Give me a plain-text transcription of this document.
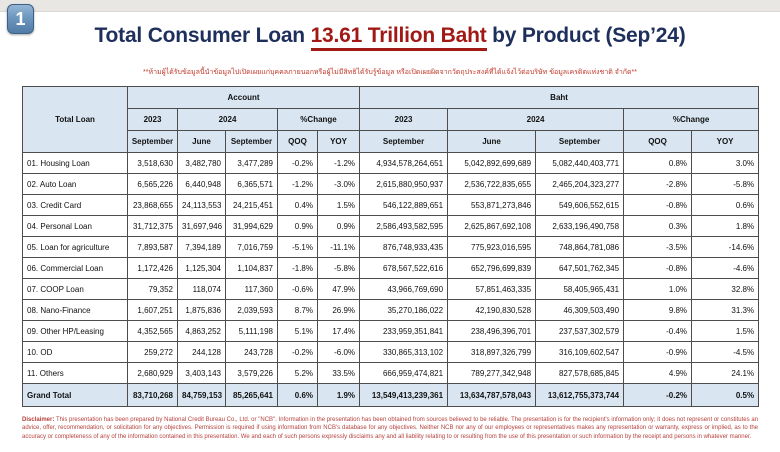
1
Total Consumer Loan 13.61 Trillion Baht by Product (Sep’24)
**ห้ามผู้ได้รับข้อมูลนี้นำข้อมูลไปเปิดเผยแก่บุคคลภายนอกหรือผู้ไม่มีสิทธิได้รับรู้ข้อมูล หรือเปิดเผยผิดจากวัตถุประสงค์ที่ได้แจ้งไว้ต่อบริษัท ข้อมูลเครดิตแห่งชาติ จำกัด**
Total Loan	Account					Baht				
	2023	2024		%Change		2023	2024		%Change	
	September	June	September	QOQ	YOY	September	June	September	QOQ	YOY
01. Housing Loan	3,518,630	3,482,780	3,477,289	-0.2%	-1.2%	4,934,578,264,651	5,042,892,699,689	5,082,440,403,771	0.8%	3.0%
02. Auto Loan	6,565,226	6,440,948	6,365,571	-1.2%	-3.0%	2,615,880,950,937	2,536,722,835,655	2,465,204,323,277	-2.8%	-5.8%
03. Credit Card	23,868,655	24,113,553	24,215,451	0.4%	1.5%	546,122,889,651	553,871,273,846	549,606,552,615	-0.8%	0.6%
04. Personal Loan	31,712,375	31,697,946	31,994,629	0.9%	0.9%	2,586,493,582,595	2,625,867,692,108	2,633,196,490,758	0.3%	1.8%
05. Loan for agriculture	7,893,587	7,394,189	7,016,759	-5.1%	-11.1%	876,748,933,435	775,923,016,595	748,864,781,086	-3.5%	-14.6%
06. Commercial Loan	1,172,426	1,125,304	1,104,837	-1.8%	-5.8%	678,567,522,616	652,796,699,839	647,501,762,345	-0.8%	-4.6%
07. COOP Loan	79,352	118,074	117,360	-0.6%	47.9%	43,966,769,690	57,851,463,335	58,405,965,431	1.0%	32.8%
08. Nano-Finance	1,607,251	1,875,836	2,039,593	8.7%	26.9%	35,270,186,022	42,190,830,528	46,309,503,490	9.8%	31.3%
09. Other HP/Leasing	4,352,565	4,863,252	5,111,198	5.1%	17.4%	233,959,351,841	238,496,396,701	237,537,302,579	-0.4%	1.5%
10. OD	259,272	244,128	243,728	-0.2%	-6.0%	330,865,313,102	318,897,326,799	316,109,602,547	-0.9%	-4.5%
11. Others	2,680,929	3,403,143	3,579,226	5.2%	33.5%	666,959,474,821	789,277,342,948	827,578,685,845	4.9%	24.1%
Grand Total	83,710,268	84,759,153	85,265,641	0.6%	1.9%	13,549,413,239,361	13,634,787,578,043	13,612,755,373,744	-0.2%	0.5%
Disclaimer: This presentation has been prepared by National Credit Bureau Co., Ltd. or "NCB". Information in the presentation has been obtained from sources believed to be reliable. The presentation is for the recipient's information only; it does not represent or constitutes an advice, offer, recommendation, or solicitation for any objectives. Permission is required if using information from NCB's database for any objectives. Neither NCB nor any of our employees or representatives makes any representation or warranty, express or implied, as to the accuracy or completeness of any of the information contained in this presentation. We and each of such persons expressly disclaims any and all liability relating to or resulting from the use of this presentation or such information by the receipt and persons in whatever manner.
